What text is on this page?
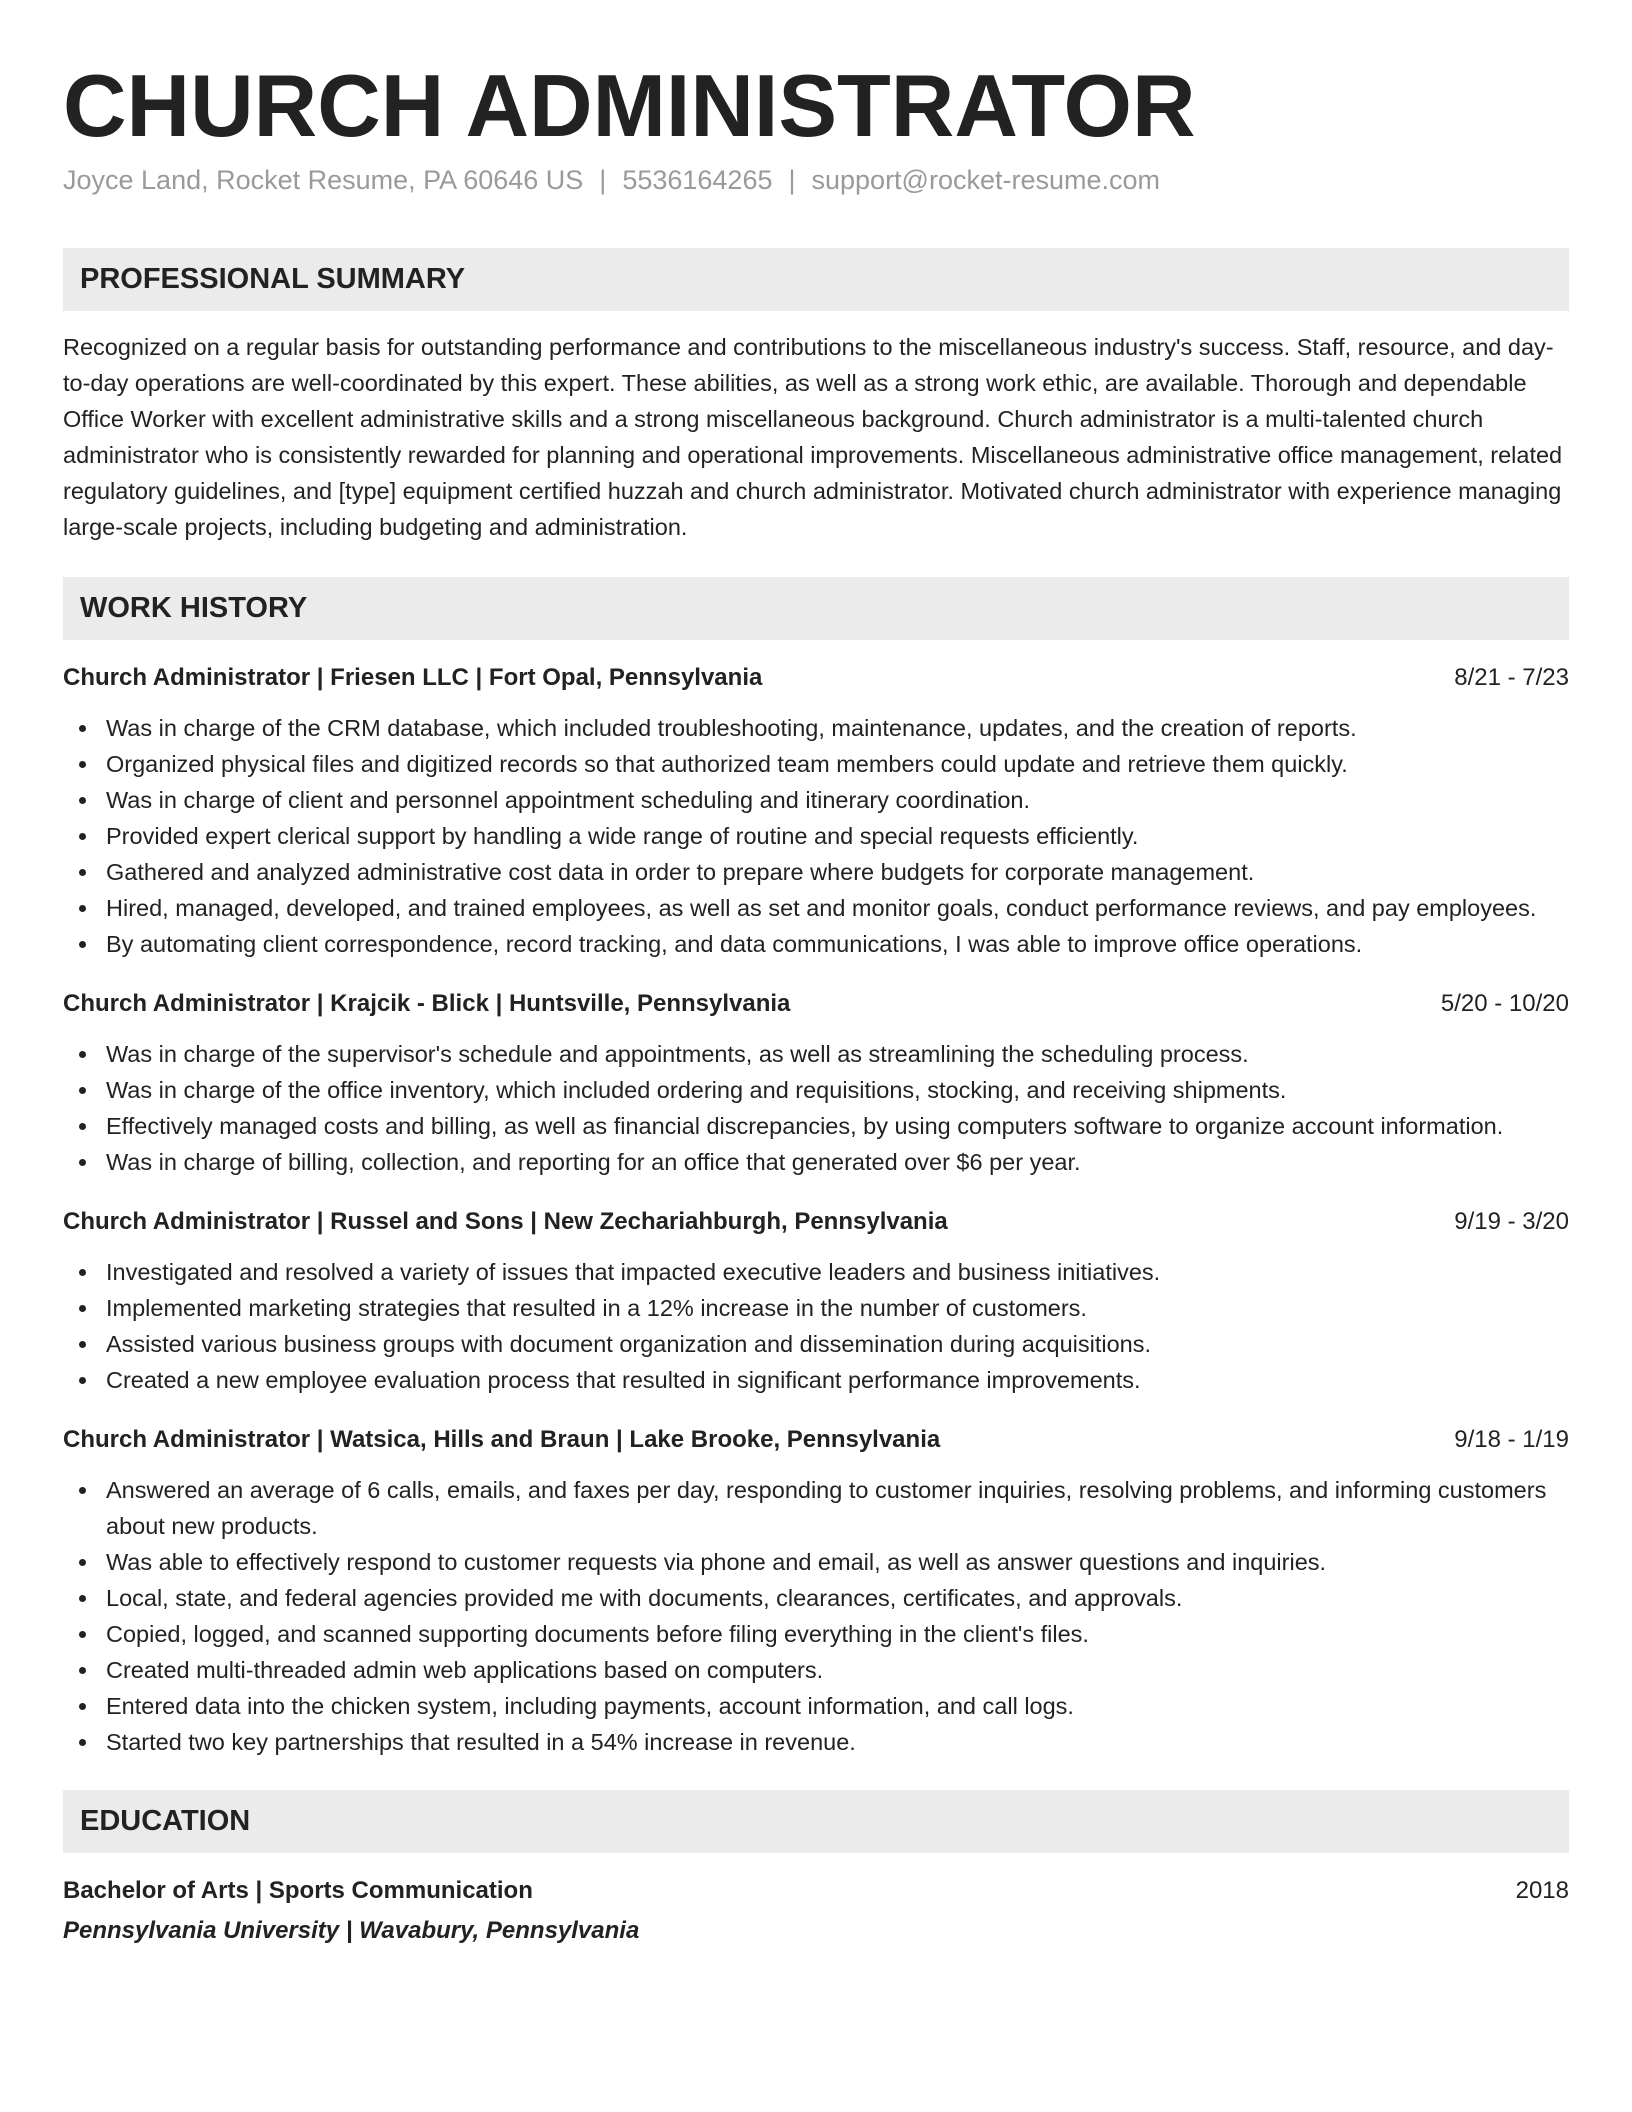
CHURCH ADMINISTRATOR
Joyce Land, Rocket Resume, PA 60646 US | 5536164265 | support@rocket-resume.com
PROFESSIONAL SUMMARY

Recognized on a regular basis for outstanding performance and contributions to the miscellaneous industry's success. Staff, resource, and day-to-day operations are well-coordinated by this expert. These abilities, as well as a strong work ethic, are available. Thorough and dependable Office Worker with excellent administrative skills and a strong miscellaneous background. Church administrator is a multi-talented church administrator who is consistently rewarded for planning and operational improvements. Miscellaneous administrative office management, related regulatory guidelines, and [type] equipment certified huzzah and church administrator. Motivated church administrator with experience managing large-scale projects, including budgeting and administration.

WORK HISTORY
Church Administrator | Friesen LLC | Fort Opal, Pennsylvania	8/21 - 7/23
Was in charge of the CRM database, which included troubleshooting, maintenance, updates, and the creation of reports.
Organized physical files and digitized records so that authorized team members could update and retrieve them quickly.
Was in charge of client and personnel appointment scheduling and itinerary coordination.
Provided expert clerical support by handling a wide range of routine and special requests efficiently.
Gathered and analyzed administrative cost data in order to prepare where budgets for corporate management.
Hired, managed, developed, and trained employees, as well as set and monitor goals, conduct performance reviews, and pay employees.
By automating client correspondence, record tracking, and data communications, I was able to improve office operations.
Church Administrator | Krajcik - Blick | Huntsville, Pennsylvania	5/20 - 10/20
Was in charge of the supervisor's schedule and appointments, as well as streamlining the scheduling process.
Was in charge of the office inventory, which included ordering and requisitions, stocking, and receiving shipments.
Effectively managed costs and billing, as well as financial discrepancies, by using computers software to organize account information.
Was in charge of billing, collection, and reporting for an office that generated over $6 per year.
Church Administrator | Russel and Sons | New Zechariahburgh, Pennsylvania	9/19 - 3/20
Investigated and resolved a variety of issues that impacted executive leaders and business initiatives.
Implemented marketing strategies that resulted in a 12% increase in the number of customers.
Assisted various business groups with document organization and dissemination during acquisitions.
Created a new employee evaluation process that resulted in significant performance improvements.
Church Administrator | Watsica, Hills and Braun | Lake Brooke, Pennsylvania	9/18 - 1/19
Answered an average of 6 calls, emails, and faxes per day, responding to customer inquiries, resolving problems, and informing customers about new products.
Was able to effectively respond to customer requests via phone and email, as well as answer questions and inquiries.
Local, state, and federal agencies provided me with documents, clearances, certificates, and approvals.
Copied, logged, and scanned supporting documents before filing everything in the client's files.
Created multi-threaded admin web applications based on computers.
Entered data into the chicken system, including payments, account information, and call logs.
Started two key partnerships that resulted in a 54% increase in revenue.
EDUCATION
Bachelor of Arts | Sports Communication	2018
Pennsylvania University | Wavabury, Pennsylvania
